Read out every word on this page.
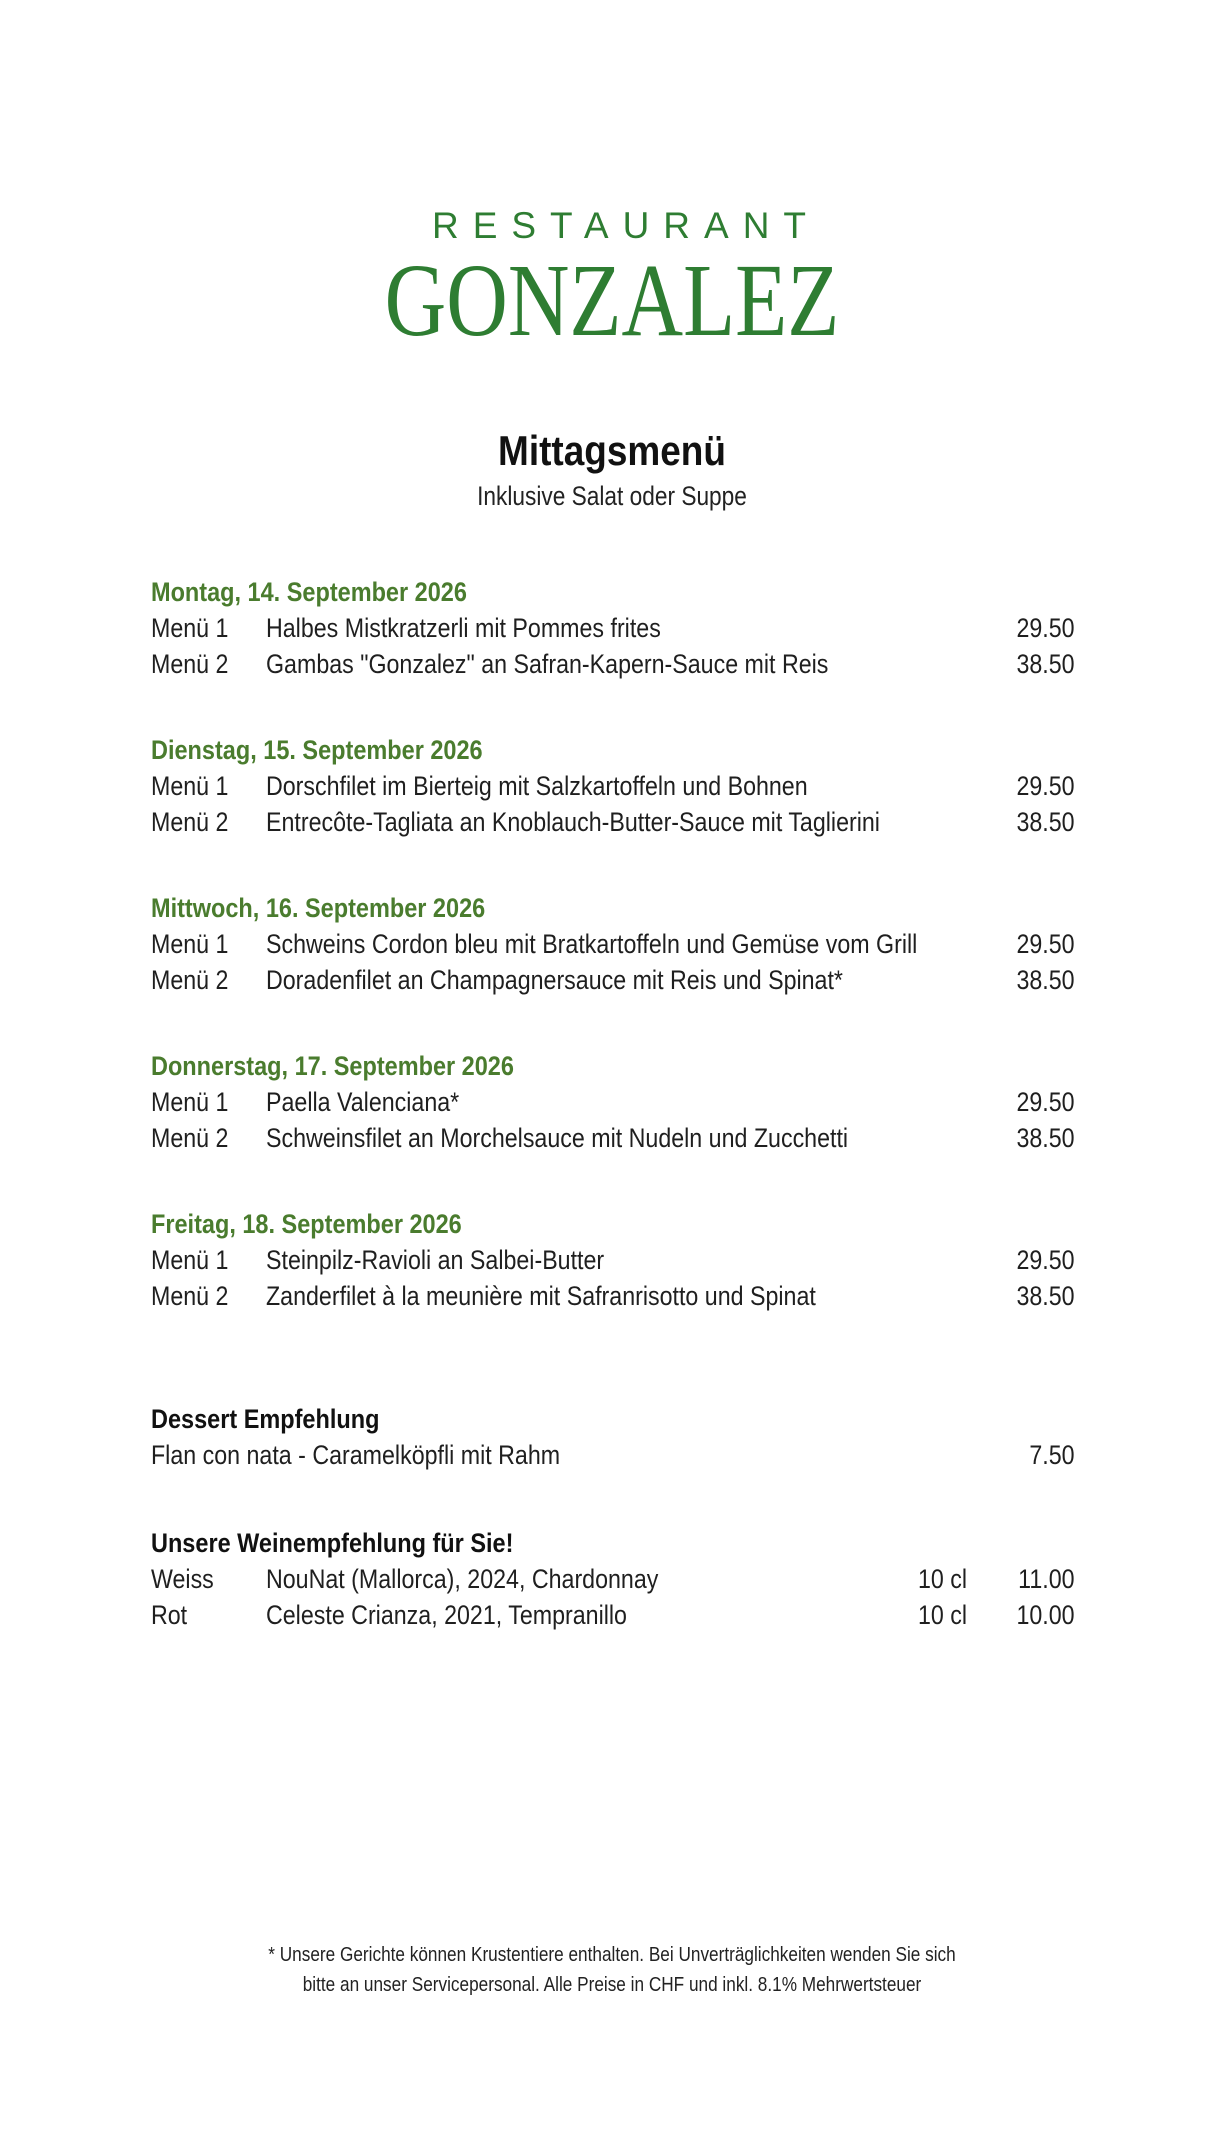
RESTAURANT
GONZALEZ
Mittagsmenü
Inklusive Salat oder Suppe
Montag, 14. September 2026
Menü 1 Halbes Mistkratzerli mit Pommes frites	29.50
Menü 2 Gambas "Gonzalez" an Safran-Kapern-Sauce mit Reis	38.50
Dienstag, 15. September 2026
Menü 1 Dorschfilet im Bierteig mit Salzkartoffeln und Bohnen	29.50
Menü 2 Entrecôte-Tagliata an Knoblauch-Butter-Sauce mit Taglierini	38.50
Mittwoch, 16. September 2026
Menü 1 Schweins Cordon bleu mit Bratkartoffeln und Gemüse vom Grill	29.50
Menü 2 Doradenfilet an Champagnersauce mit Reis und Spinat*	38.50
Donnerstag, 17. September 2026
Menü 1 Paella Valenciana*	29.50
Menü 2 Schweinsfilet an Morchelsauce mit Nudeln und Zucchetti	38.50
Freitag, 18. September 2026
Menü 1 Steinpilz-Ravioli an Salbei-Butter	29.50
Menü 2 Zanderfilet à la meunière mit Safranrisotto und Spinat	38.50
Dessert Empfehlung
Flan con nata - Caramelköpfli mit Rahm	7.50
Unsere Weinempfehlung für Sie!
Weiss NouNat (Mallorca), 2024, Chardonnay	10 cl 11.00
Rot	Celeste Crianza, 2021, Tempranillo	10 cl 10.00
* Unsere Gerichte können Krustentiere enthalten. Bei Unverträglichkeiten wenden Sie sich
bitte an unser Servicepersonal. Alle Preise in CHF und inkl. 8.1% Mehrwertsteuer
